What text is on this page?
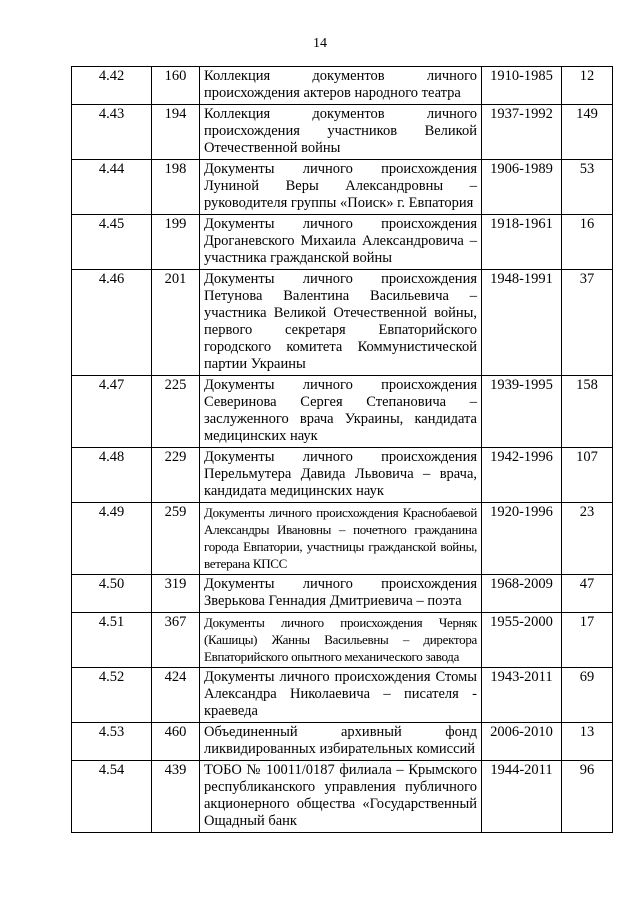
14
4.42	160	Коллекция документов личного происхождения актеров народного театра	1910-1985	12
4.43	194	Коллекция документов личного происхождения участников Великой Отечественной войны	1937-1992	149
4.44	198	Документы личного происхождения Луниной Веры Александровны – руководителя группы «Поиск» г. Евпатория	1906-1989	53
4.45	199	Документы личного происхождения Дроганевского Михаила Александровича – участника гражданской войны	1918-1961	16
4.46	201	Документы личного происхождения Петунова Валентина Васильевича – участника Великой Отечественной войны, первого секретаря Евпаторийского городского комитета Коммунистической партии Украины	1948-1991	37
4.47	225	Документы личного происхождения Северинова Сергея Степановича – заслуженного врача Украины, кандидата медицинских наук	1939-1995	158
4.48	229	Документы личного происхождения Перельмутера Давида Львовича – врача, кандидата медицинских наук	1942-1996	107
4.49	259	Документы личного происхождения Краснобаевой Александры Ивановны – почетного гражданина города Евпатории, участницы гражданской войны, ветерана КПСС	1920-1996	23
4.50	319	Документы личного происхождения Зверькова Геннадия Дмитриевича – поэта	1968-2009	47
4.51	367	Документы личного происхождения Черняк (Кашицы) Жанны Васильевны – директора Евпаторийского опытного механического завода	1955-2000	17
4.52	424	Документы личного происхождения Стомы Александра Николаевича – писателя - краеведа	1943-2011	69
4.53	460	Объединенный архивный фонд ликвидированных избирательных комиссий	2006-2010	13
4.54	439	ТОБО № 10011/0187 филиала – Крымского республиканского управления публичного акционерного общества «Государственный Ощадный банк	1944-2011	96
